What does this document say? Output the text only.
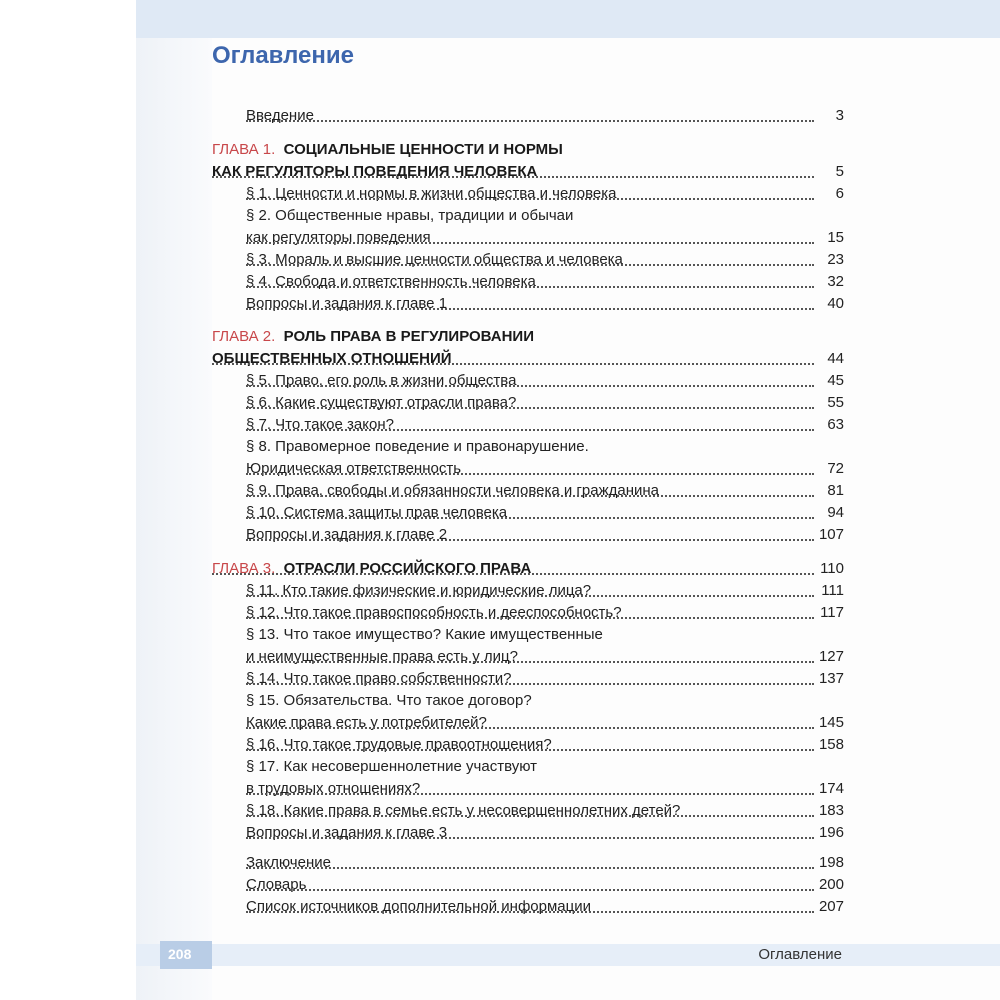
Оглавление
Введение	3
ГЛАВА 1. СОЦИАЛЬНЫЕ ЦЕННОСТИ И НОРМЫ
КАК РЕГУЛЯТОРЫ ПОВЕДЕНИЯ ЧЕЛОВЕКА	5
§ 1. Ценности и нормы в жизни общества и человека	6
§ 2. Общественные нравы, традиции и обычаи
как регуляторы поведения	15
§ 3. Мораль и высшие ценности общества и человека	23
§ 4. Свобода и ответственность человека	32
Вопросы и задания к главе 1	40
ГЛАВА 2. РОЛЬ ПРАВА В РЕГУЛИРОВАНИИ
ОБЩЕСТВЕННЫХ ОТНОШЕНИЙ	44
§ 5. Право, его роль в жизни общества	45
§ 6. Какие существуют отрасли права?	55
§ 7. Что такое закон?	63
§ 8. Правомерное поведение и правонарушение.
Юридическая ответственность	72
§ 9. Права, свободы и обязанности человека и гражданина	81
§ 10. Система защиты прав человека	94
Вопросы и задания к главе 2	107
ГЛАВА 3. ОТРАСЛИ РОССИЙСКОГО ПРАВА	110
§ 11. Кто такие физические и юридические лица?	111
§ 12. Что такое правоспособность и дееспособность?	117
§ 13. Что такое имущество? Какие имущественные
и неимущественные права есть у лиц?	127
§ 14. Что такое право собственности?	137
§ 15. Обязательства. Что такое договор?
Какие права есть у потребителей?	145
§ 16. Что такое трудовые правоотношения?	158
§ 17. Как несовершеннолетние участвуют
в трудовых отношениях?	174
§ 18. Какие права в семье есть у несовершеннолетних детей?	183
Вопросы и задания к главе 3	196
Заключение	198
Словарь	200
Список источников дополнительной информации	207
208	Оглавление
